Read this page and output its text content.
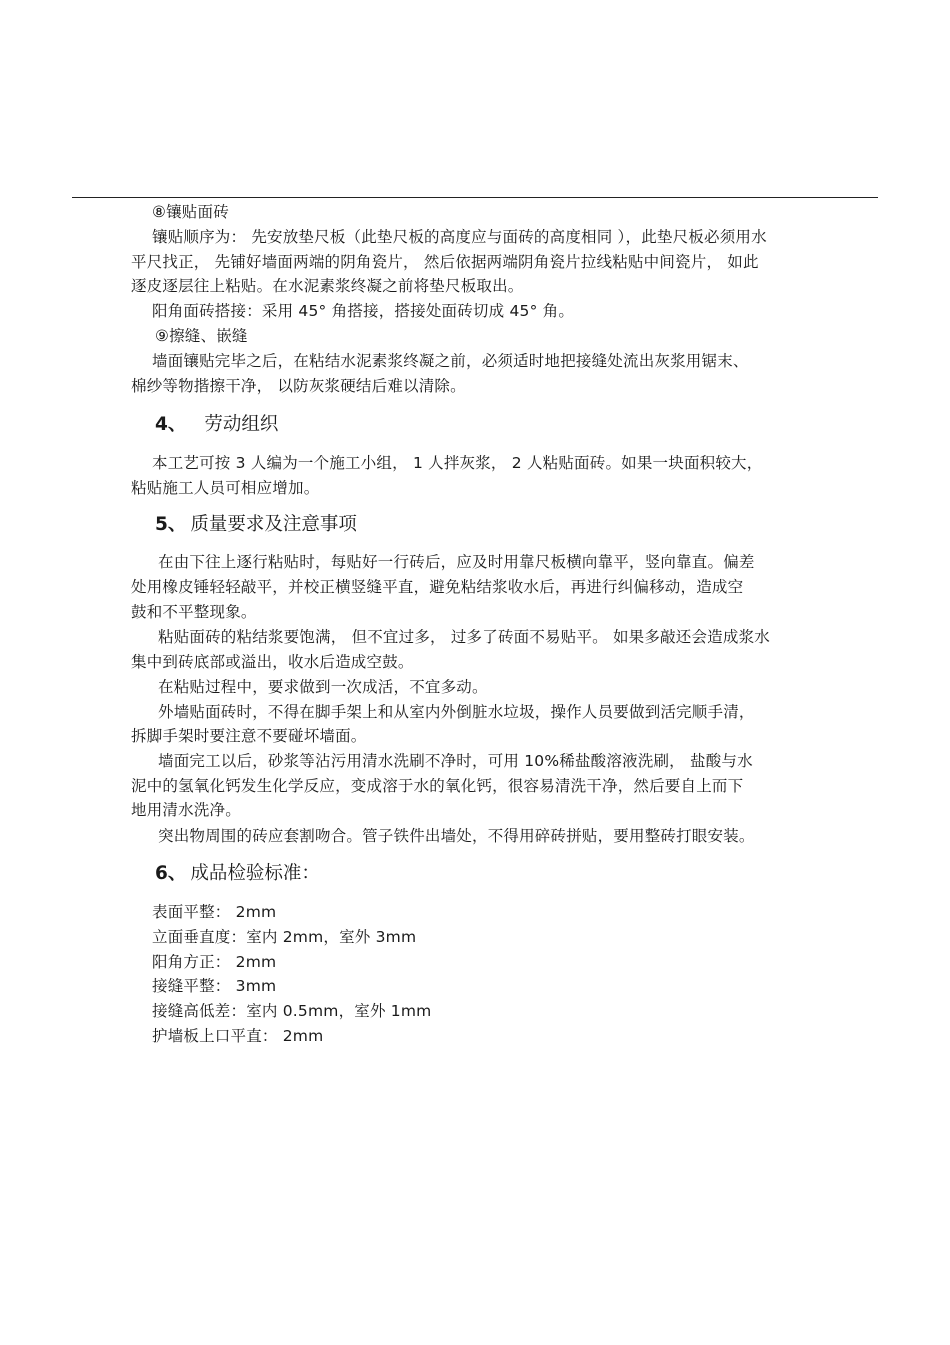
⑧镶贴面砖
镶贴顺序为： 先安放垫尺板（此垫尺板的高度应与面砖的高度相同 ），此垫尺板必须用水
平尺找正， 先铺好墙面两端的阴角瓷片， 然后依据两端阴角瓷片拉线粘贴中间瓷片， 如此
逐皮逐层往上粘贴。在水泥素浆终凝之前将垫尺板取出。
阳角面砖搭接：采用 45° 角搭接，搭接处面砖切成 45° 角。
⑨擦缝、嵌缝
墙面镶贴完毕之后，在粘结水泥素浆终凝之前，必须适时地把接缝处流出灰浆用锯末、
棉纱等物揩擦干净， 以防灰浆硬结后难以清除。
4、 劳动组织
本工艺可按 3 人编为一个施工小组， 1 人拌灰浆， 2 人粘贴面砖。如果一块面积较大，
粘贴施工人员可相应增加。
5、 质量要求及注意事项
在由下往上逐行粘贴时，每贴好一行砖后，应及时用靠尺板横向靠平，竖向靠直。偏差
处用橡皮锤轻轻敲平，并校正横竖缝平直，避免粘结浆收水后，再进行纠偏移动，造成空
鼓和不平整现象。
粘贴面砖的粘结浆要饱满， 但不宜过多， 过多了砖面不易贴平。 如果多敲还会造成浆水
集中到砖底部或溢出，收水后造成空鼓。
在粘贴过程中，要求做到一次成活，不宜多动。
外墙贴面砖时，不得在脚手架上和从室内外倒脏水垃圾，操作人员要做到活完顺手清，
拆脚手架时要注意不要碰坏墙面。
墙面完工以后，砂浆等沾污用清水洗刷不净时，可用 10%稀盐酸溶液洗刷， 盐酸与水
泥中的氢氧化钙发生化学反应，变成溶于水的氧化钙，很容易清洗干净，然后要自上而下
地用清水洗净。
突出物周围的砖应套割吻合。管子铁件出墙处，不得用碎砖拼贴，要用整砖打眼安装。
6、 成品检验标准：
表面平整： 2mm
立面垂直度：室内 2mm，室外 3mm
阳角方正： 2mm
接缝平整： 3mm
接缝高低差：室内 0.5mm，室外 1mm
护墙板上口平直： 2mm
